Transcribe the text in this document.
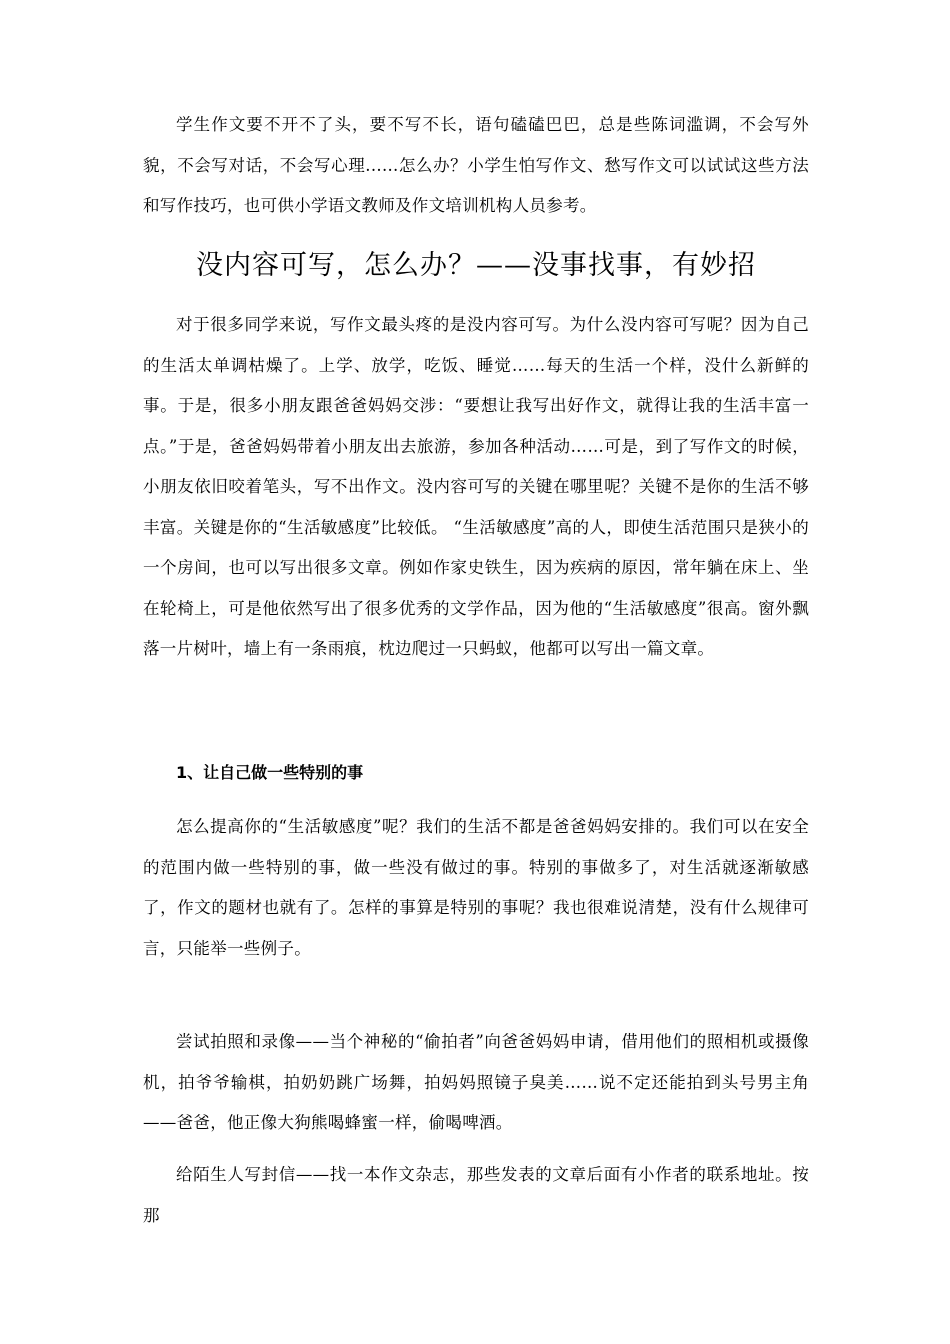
学生作文要不开不了头，要不写不长，语句磕磕巴巴，总是些陈词滥调，不会写外貌，不会写对话，不会写心理......怎么办？小学生怕写作文、愁写作文可以试试这些方法和写作技巧，也可供小学语文教师及作文培训机构人员参考。

没内容可写，怎么办？——没事找事，有妙招

对于很多同学来说，写作文最头疼的是没内容可写。为什么没内容可写呢？因为自己的生活太单调枯燥了。上学、放学，吃饭、睡觉……每天的生活一个样，没什么新鲜的事。于是，很多小朋友跟爸爸妈妈交涉：“要想让我写出好作文，就得让我的生活丰富一点。”于是，爸爸妈妈带着小朋友出去旅游，参加各种活动……可是，到了写作文的时候，小朋友依旧咬着笔头，写不出作文。没内容可写的关键在哪里呢？关键不是你的生活不够丰富。关键是你的“生活敏感度”比较低。 “生活敏感度”高的人，即使生活范围只是狭小的一个房间，也可以写出很多文章。例如作家史铁生，因为疾病的原因，常年躺在床上、坐在轮椅上，可是他依然写出了很多优秀的文学作品，因为他的“生活敏感度”很高。窗外飘落一片树叶，墙上有一条雨痕，枕边爬过一只蚂蚁，他都可以写出一篇文章。

1、让自己做一些特别的事

怎么提高你的“生活敏感度”呢？我们的生活不都是爸爸妈妈安排的。我们可以在安全的范围内做一些特别的事，做一些没有做过的事。特别的事做多了，对生活就逐渐敏感了，作文的题材也就有了。怎样的事算是特别的事呢？我也很难说清楚，没有什么规律可言，只能举一些例子。

尝试拍照和录像——当个神秘的“偷拍者”向爸爸妈妈申请，借用他们的照相机或摄像机，拍爷爷输棋，拍奶奶跳广场舞，拍妈妈照镜子臭美……说不定还能拍到头号男主角——爸爸，他正像大狗熊喝蜂蜜一样，偷喝啤酒。

给陌生人写封信——找一本作文杂志，那些发表的文章后面有小作者的联系地址。按那
